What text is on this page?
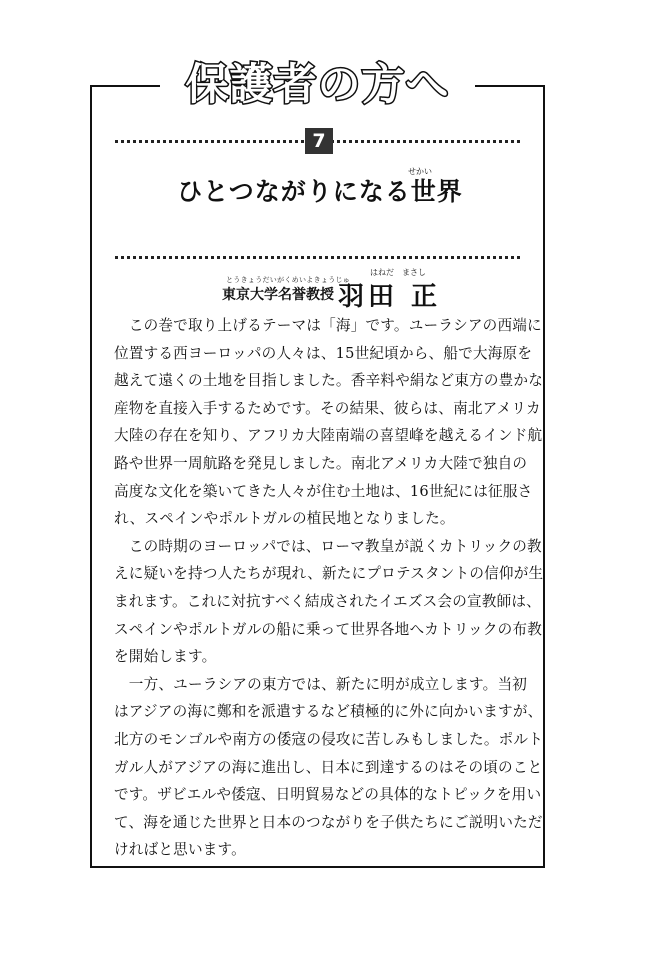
保護者の方へ
7
せかい
ひとつながりになる世界
とうきょうだいがくめいよきょうじゅ
東京大学名誉教授
はねだ　まさし
羽田 正
　この巻で取り上げるテーマは「海」です。ユーラシアの西端に
位置する西ヨーロッパの人々は、15世紀頃から、船で大海原を
越えて遠くの土地を目指しました。香辛料や絹など東方の豊かな
産物を直接入手するためです。その結果、彼らは、南北アメリカ
大陸の存在を知り、アフリカ大陸南端の喜望峰を越えるインド航
路や世界一周航路を発見しました。南北アメリカ大陸で独自の
高度な文化を築いてきた人々が住む土地は、16世紀には征服さ
れ、スペインやポルトガルの植民地となりました。
　この時期のヨーロッパでは、ローマ教皇が説くカトリックの教
えに疑いを持つ人たちが現れ、新たにプロテスタントの信仰が生
まれます。これに対抗すべく結成されたイエズス会の宣教師は、
スペインやポルトガルの船に乗って世界各地へカトリックの布教
を開始します。
　一方、ユーラシアの東方では、新たに明が成立します。当初
はアジアの海に鄭和を派遣するなど積極的に外に向かいますが、
北方のモンゴルや南方の倭寇の侵攻に苦しみもしました。ポルト
ガル人がアジアの海に進出し、日本に到達するのはその頃のこと
です。ザビエルや倭寇、日明貿易などの具体的なトピックを用い
て、海を通じた世界と日本のつながりを子供たちにご説明いただ
ければと思います。
